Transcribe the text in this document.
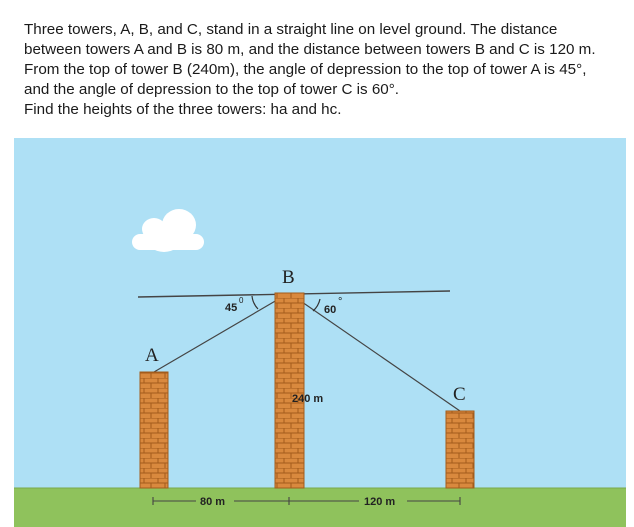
Three towers, A, B, and C, stand in a straight line on level ground. The distance
between towers A and B is 80 m, and the distance between towers B and C is 120 m.
From the top of tower B (240m), the angle of depression to the top of tower A is 45°,
and the angle of depression to the top of tower C is 60°.
Find the heights of the three towers: ha and hc.
A
B
C
45
0
60
°
240 m
80 m	120 m
